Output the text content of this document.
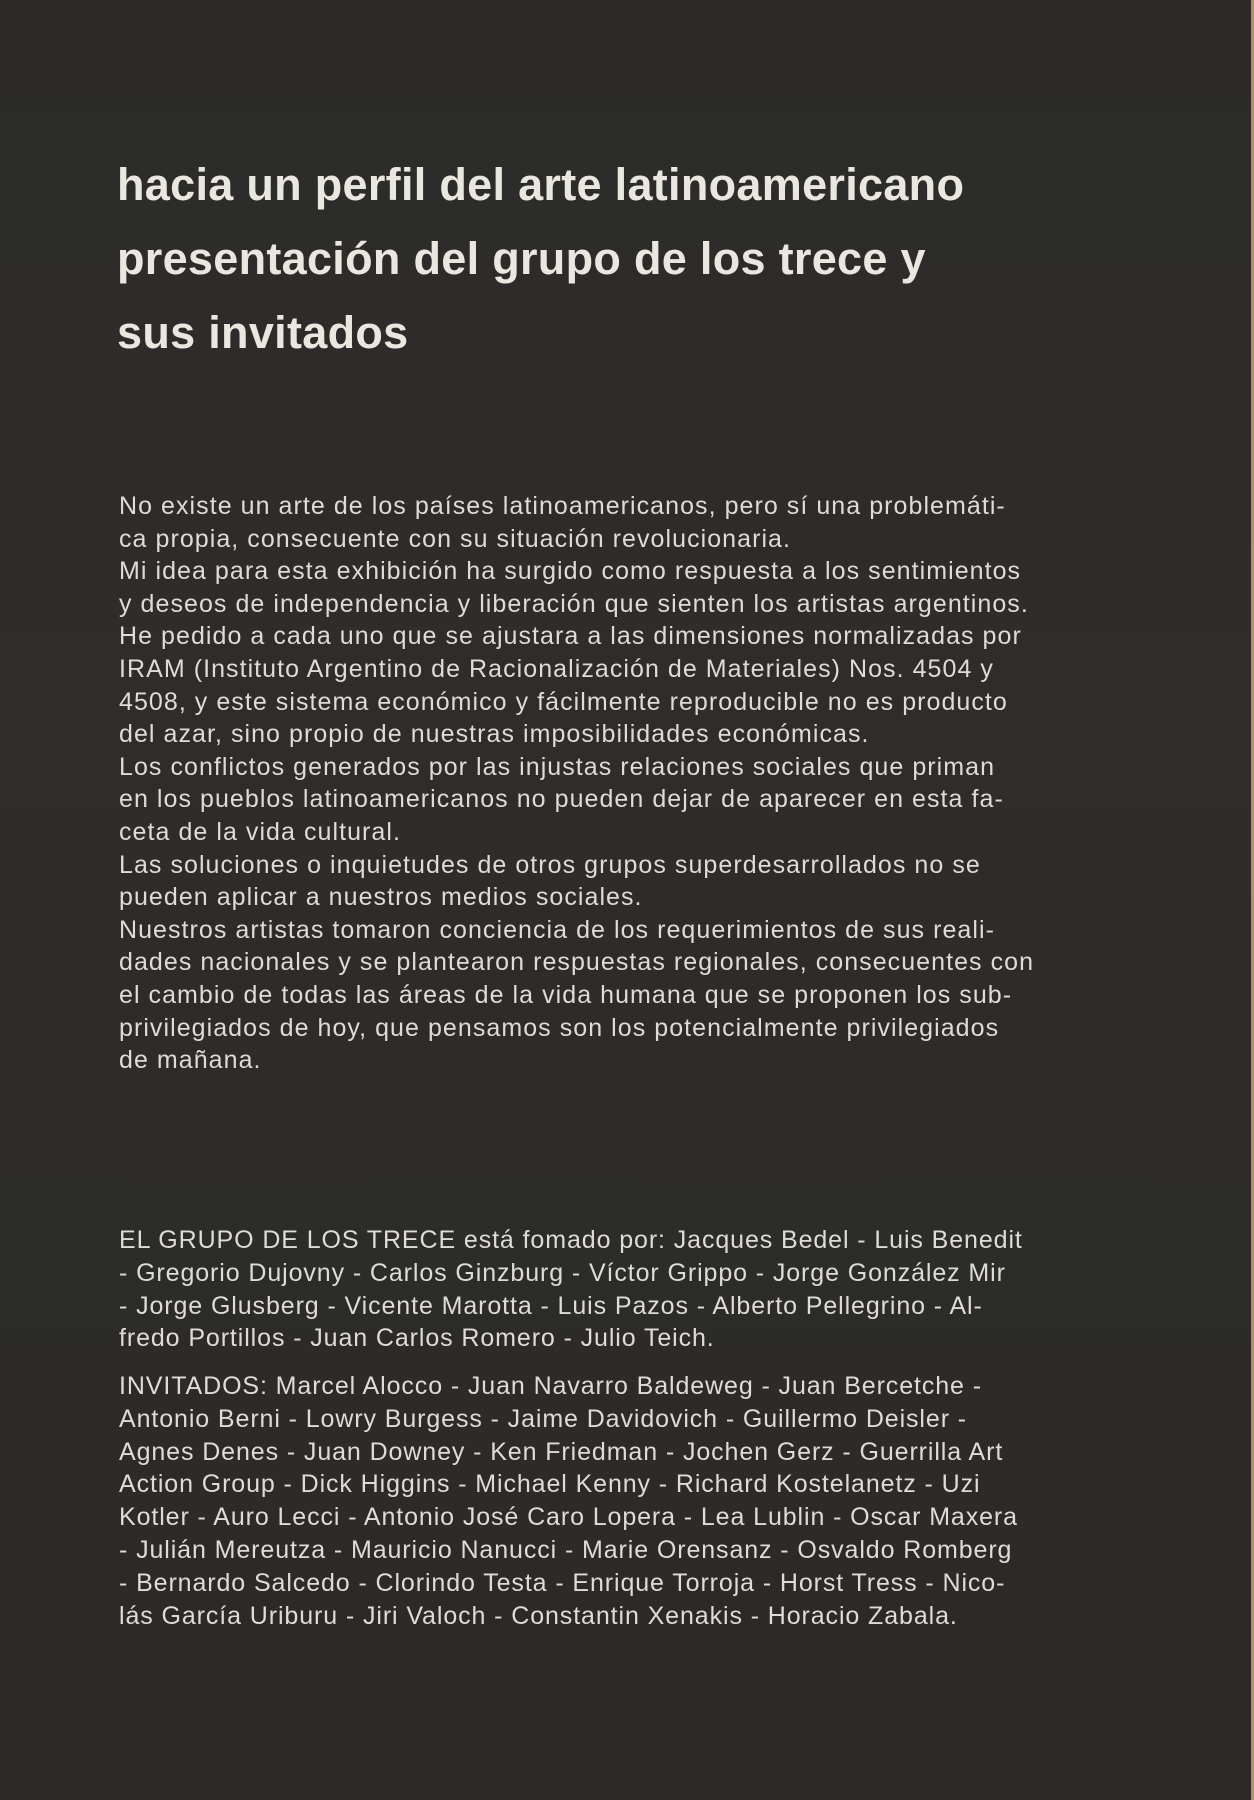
hacia un perfil del arte latinoamericano
presentación del grupo de los trece y
sus invitados
No existe un arte de los países latinoamericanos, pero sí una problemáti-
ca propia, consecuente con su situación revolucionaria.
Mi idea para esta exhibición ha surgido como respuesta a los sentimientos
y deseos de independencia y liberación que sienten los artistas argentinos.
He pedido a cada uno que se ajustara a las dimensiones normalizadas por
IRAM (Instituto Argentino de Racionalización de Materiales) Nos. 4504 y
4508, y este sistema económico y fácilmente reproducible no es producto
del azar, sino propio de nuestras imposibilidades económicas.
Los conflictos generados por las injustas relaciones sociales que priman
en los pueblos latinoamericanos no pueden dejar de aparecer en esta fa-
ceta de la vida cultural.
Las soluciones o inquietudes de otros grupos superdesarrollados no se
pueden aplicar a nuestros medios sociales.
Nuestros artistas tomaron conciencia de los requerimientos de sus reali-
dades nacionales y se plantearon respuestas regionales, consecuentes con
el cambio de todas las áreas de la vida humana que se proponen los sub-
privilegiados de hoy, que pensamos son los potencialmente privilegiados
de mañana.
EL GRUPO DE LOS TRECE está fomado por: Jacques Bedel - Luis Benedit
- Gregorio Dujovny - Carlos Ginzburg - Víctor Grippo - Jorge González Mir
- Jorge Glusberg - Vicente Marotta - Luis Pazos - Alberto Pellegrino - Al-
fredo Portillos - Juan Carlos Romero - Julio Teich.
INVITADOS: Marcel Alocco - Juan Navarro Baldeweg - Juan Bercetche -
Antonio Berni - Lowry Burgess - Jaime Davidovich - Guillermo Deisler -
Agnes Denes - Juan Downey - Ken Friedman - Jochen Gerz - Guerrilla Art
Action Group - Dick Higgins - Michael Kenny - Richard Kostelanetz - Uzi
Kotler - Auro Lecci - Antonio José Caro Lopera - Lea Lublin - Oscar Maxera
- Julián Mereutza - Mauricio Nanucci - Marie Orensanz - Osvaldo Romberg
- Bernardo Salcedo - Clorindo Testa - Enrique Torroja - Horst Tress - Nico-
lás García Uriburu - Jiri Valoch - Constantin Xenakis - Horacio Zabala.
